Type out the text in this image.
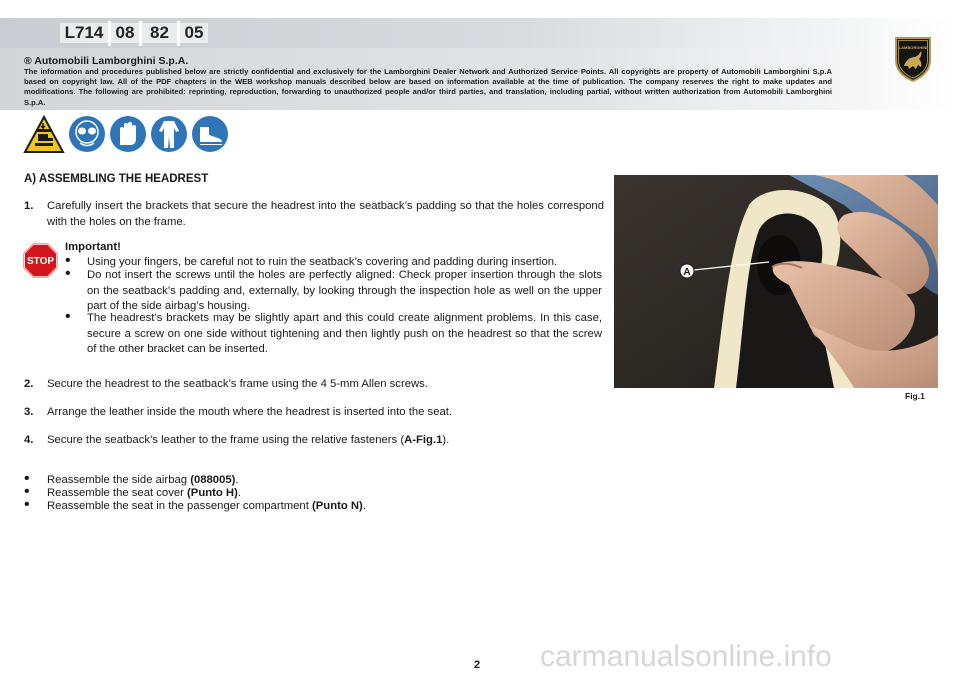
L714 08 82 05
® Automobili Lamborghini S.p.A.
The information and procedures published below are strictly confidential and exclusively for the Lamborghini Dealer Network and Authorized Service Points. All copyrights are property of Automobili Lamborghini S.p.A based on copyright law. All of the PDF chapters in the WEB workshop manuals described below are based on information available at the time of publication. The company reserves the right to make updates and modifications. The following are prohibited: reprinting, reproduction, forwarding to unauthorized people and/or third parties, and translation, including partial, without written authorization from Automobili Lamborghini S.p.A.
LAMBORGHINI
A) ASSEMBLING THE HEADREST
1. Carefully insert the brackets that secure the headrest into the seatback’s padding so that the holes correspond with the holes on the frame.
STOP
Important!
• Using your fingers, be careful not to ruin the seatback’s covering and padding during insertion.
• Do not insert the screws until the holes are perfectly aligned: Check proper insertion through the slots on the seatback’s padding and, externally, by looking through the inspection hole as well on the upper part of the side airbag’s housing.
• The headrest’s brackets may be slightly apart and this could create alignment problems. In this case, secure a screw on one side without tightening and then lightly push on the headrest so that the screw of the other bracket can be inserted.
2. Secure the headrest to the seatback’s frame using the 4 5-mm Allen screws.
3. Arrange the leather inside the mouth where the headrest is inserted into the seat.
4. Secure the seatback’s leather to the frame using the relative fasteners (A-Fig.1).
• Reassemble the side airbag (088005).
• Reassemble the seat cover (Punto H).
• Reassemble the seat in the passenger compartment (Punto N).
A
Fig.1
2 carmanualsonline.info
